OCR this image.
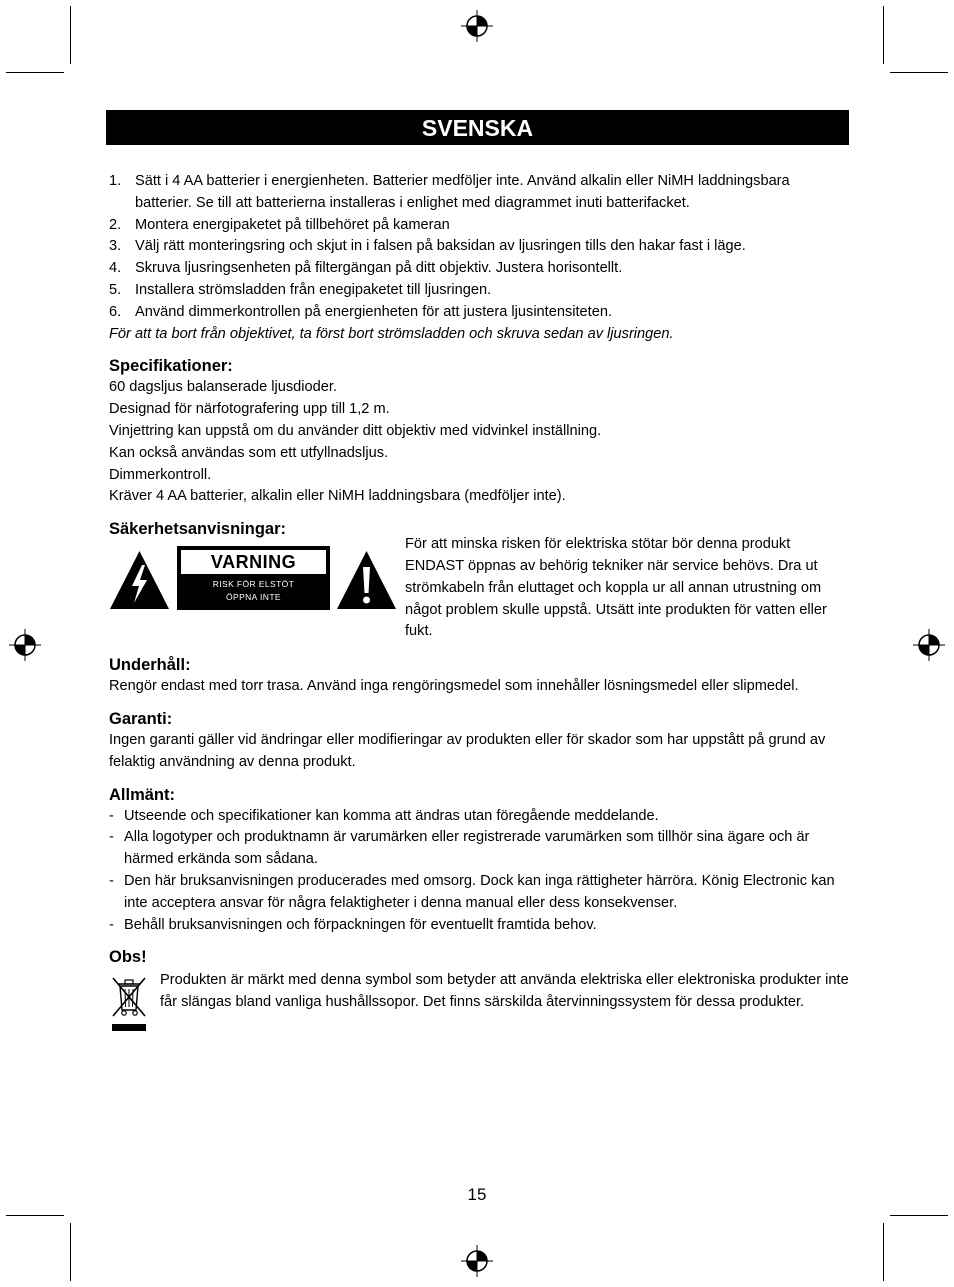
SVENSKA
1. Sätt i 4 AA batterier i energienheten. Batterier medföljer inte. Använd alkalin eller NiMH laddningsbara batterier. Se till att batterierna installeras i enlighet med diagrammet inuti batterifacket.
2. Montera energipaketet på tillbehöret på kameran
3. Välj rätt monteringsring och skjut in i falsen på baksidan av ljusringen tills den hakar fast i läge.
4. Skruva ljusringsenheten på filtergängan på ditt objektiv. Justera horisontellt.
5. Installera strömsladden från enegipaketet till ljusringen.
6. Använd dimmerkontrollen på energienheten för att justera ljusintensiteten.
För att ta bort från objektivet, ta först bort strömsladden och skruva sedan av ljusringen.
Specifikationer:
60 dagsljus balanserade ljusdioder.
Designad för närfotografering upp till 1,2 m.
Vinjettring kan uppstå om du använder ditt objektiv med vidvinkel inställning.
Kan också användas som ett utfyllnadsljus.
Dimmerkontroll.
Kräver 4 AA batterier, alkalin eller NiMH laddningsbara (medföljer inte).
Säkerhetsanvisningar:
VARNING
RISK FÖR ELSTÖT
ÖPPNA INTE
För att minska risken för elektriska stötar bör denna produkt ENDAST öppnas av behörig tekniker när service behövs. Dra ut strömkabeln från eluttaget och koppla ur all annan utrustning om något problem skulle uppstå. Utsätt inte produkten för vatten eller fukt.
Underhåll:
Rengör endast med torr trasa. Använd inga rengöringsmedel som innehåller lösningsmedel eller slipmedel.
Garanti:
Ingen garanti gäller vid ändringar eller modifieringar av produkten eller för skador som har uppstått på grund av felaktig användning av denna produkt.
Allmänt:
- Utseende och specifikationer kan komma att ändras utan föregående meddelande.
- Alla logotyper och produktnamn är varumärken eller registrerade varumärken som tillhör sina ägare och är härmed erkända som sådana.
- Den här bruksanvisningen producerades med omsorg. Dock kan inga rättigheter härröra. König Electronic kan inte acceptera ansvar för några felaktigheter i denna manual eller dess konsekvenser.
- Behåll bruksanvisningen och förpackningen för eventuellt framtida behov.
Obs!
Produkten är märkt med denna symbol som betyder att använda elektriska eller elektroniska produkter inte får slängas bland vanliga hushållssopor. Det finns särskilda återvinningssystem för dessa produkter.
15
